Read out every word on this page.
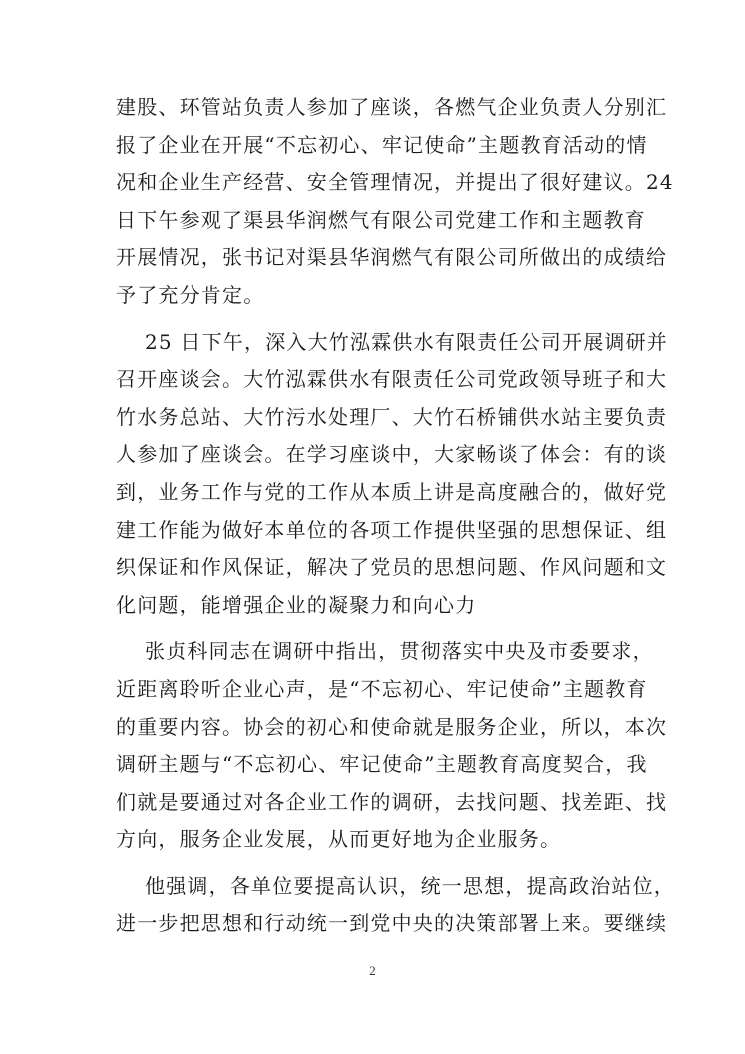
建股、环管站负责人参加了座谈，各燃气企业负责人分别汇
报了企业在开展“不忘初心、牢记使命”主题教育活动的情
况和企业生产经营、安全管理情况，并提出了很好建议。24
日下午参观了渠县华润燃气有限公司党建工作和主题教育
开展情况，张书记对渠县华润燃气有限公司所做出的成绩给
予了充分肯定。
25 日下午，深入大竹泓霖供水有限责任公司开展调研并
召开座谈会。大竹泓霖供水有限责任公司党政领导班子和大
竹水务总站、大竹污水处理厂、大竹石桥铺供水站主要负责
人参加了座谈会。在学习座谈中，大家畅谈了体会：有的谈
到，业务工作与党的工作从本质上讲是高度融合的，做好党
建工作能为做好本单位的各项工作提供坚强的思想保证、组
织保证和作风保证，解决了党员的思想问题、作风问题和文
化问题，能增强企业的凝聚力和向心力
张贞科同志在调研中指出，贯彻落实中央及市委要求，
近距离聆听企业心声，是“不忘初心、牢记使命”主题教育
的重要内容。协会的初心和使命就是服务企业，所以，本次
调研主题与“不忘初心、牢记使命”主题教育高度契合，我
们就是要通过对各企业工作的调研，去找问题、找差距、找
方向，服务企业发展，从而更好地为企业服务。
他强调，各单位要提高认识，统一思想，提高政治站位，
进一步把思想和行动统一到党中央的决策部署上来。要继续
2
